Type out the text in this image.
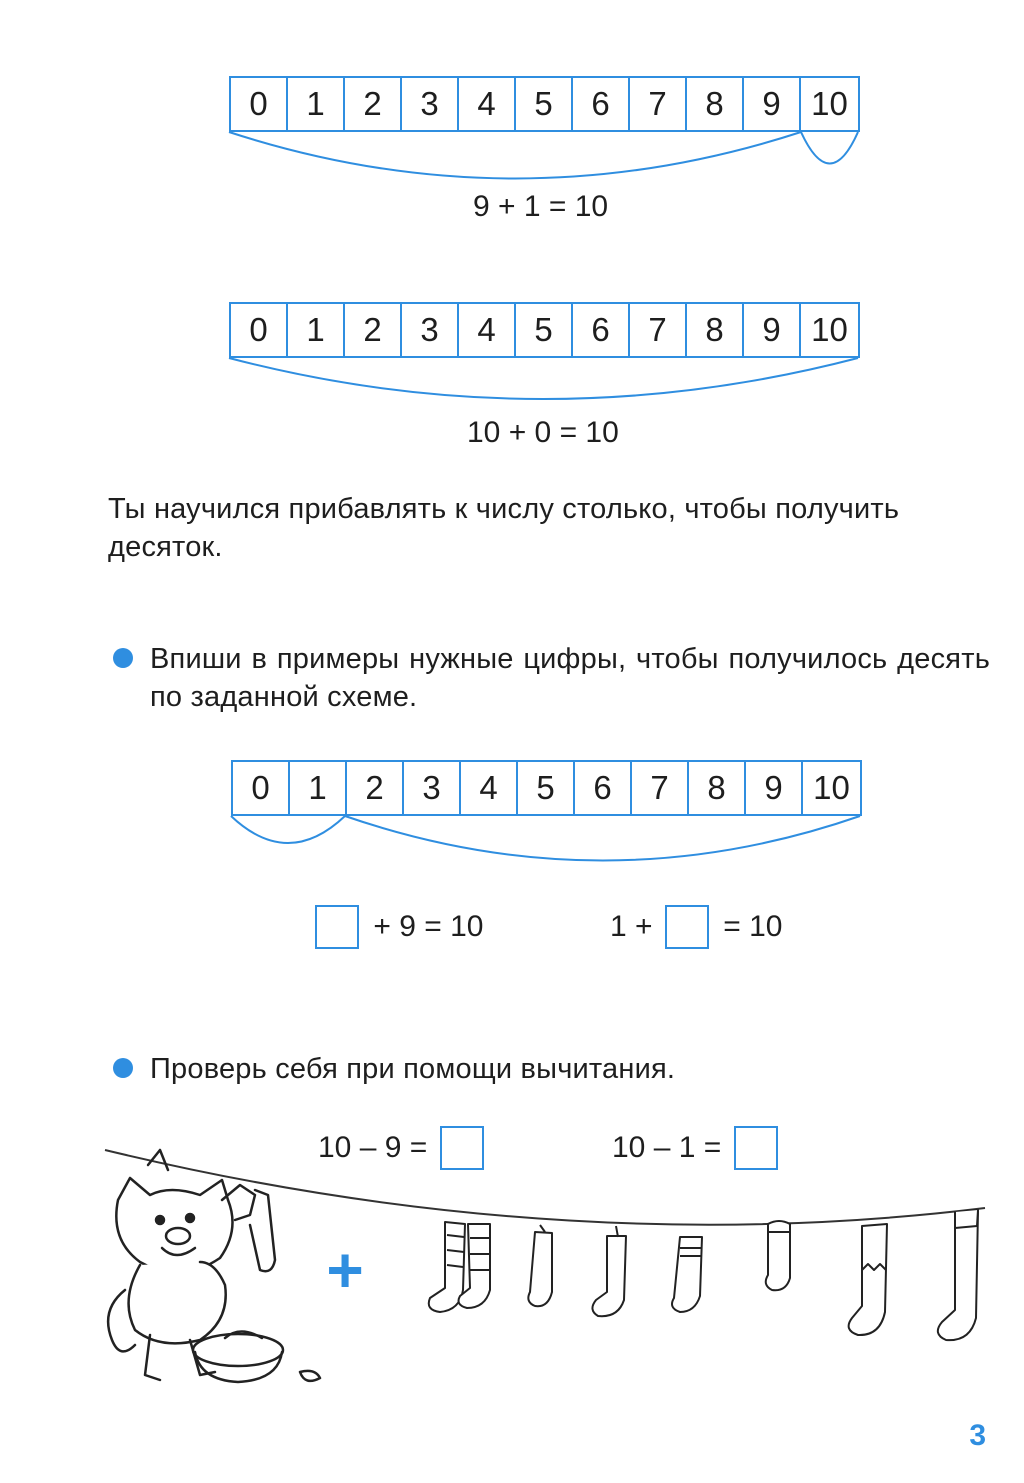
0	1	2	3	4	5	6	7	8	9 10
9 + 1 = 10
0	1	2	3	4	5	6	7	8	9 10
10 + 0 = 10
Ты научился прибавлять к числу столько, чтобы получить десяток.
Впиши в примеры нужные цифры, чтобы получилось десять по заданной схеме.
0	1	2	3	4	5	6	7	8	9 10
+ 9 = 10	1 + = 10
Проверь себя при помощи вычитания.
10 – 9 =	10 – 1 =
+
3
